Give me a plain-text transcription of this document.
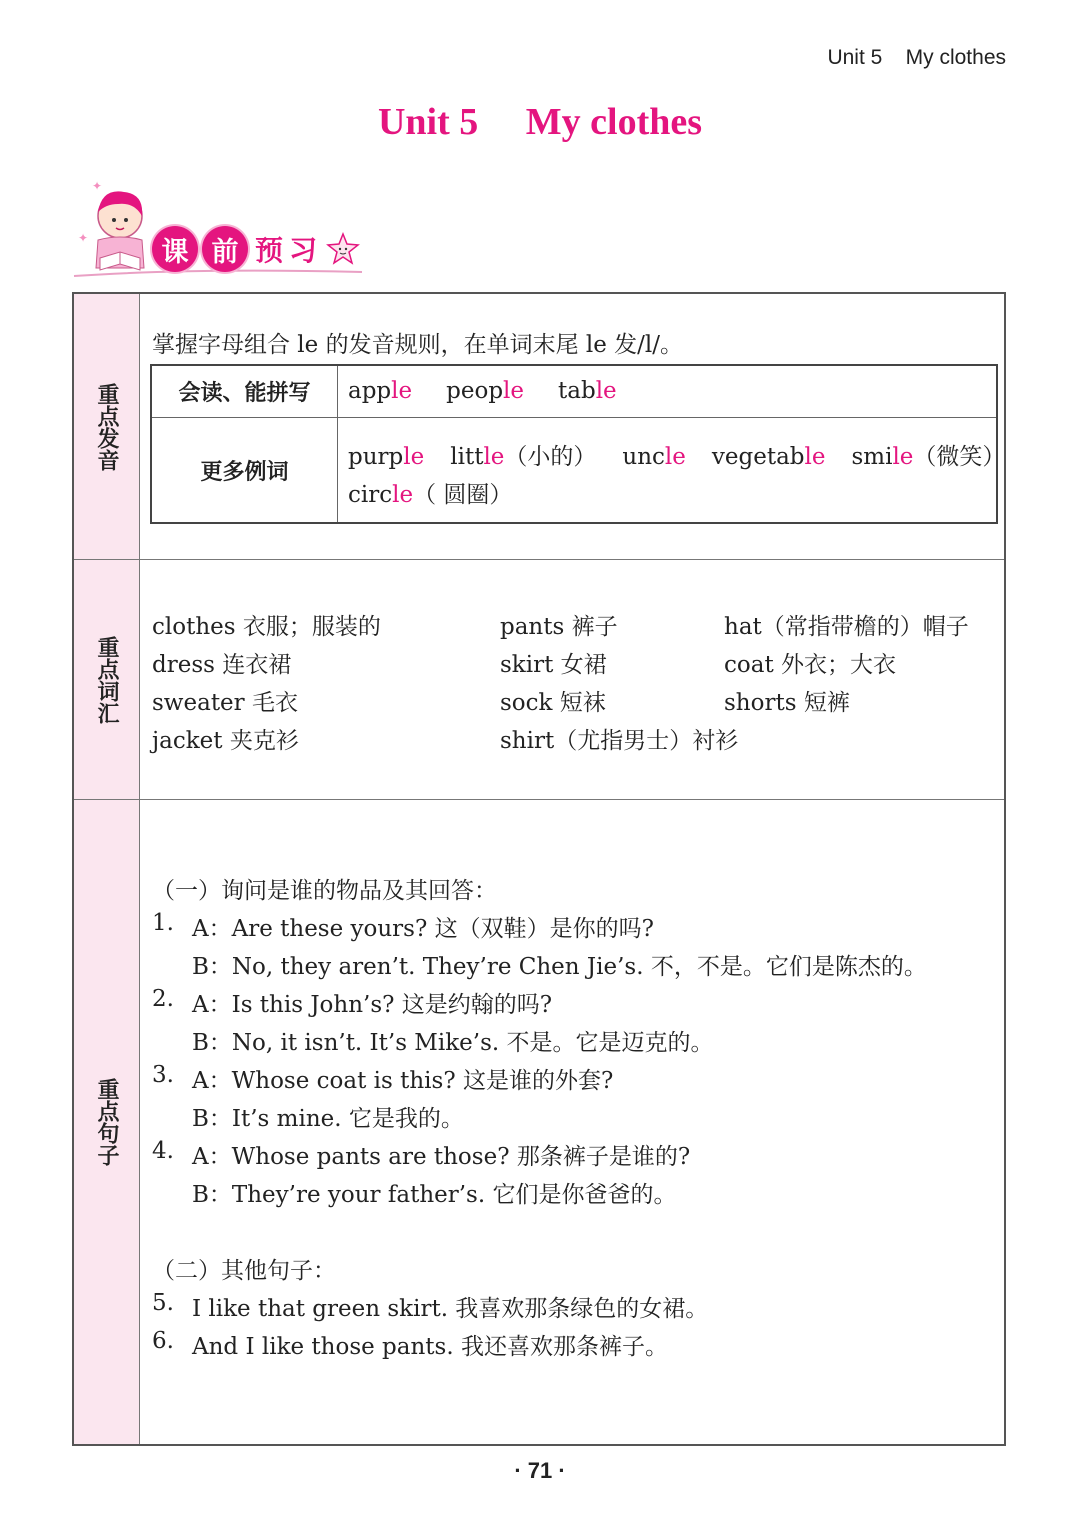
Unit 5    My clothes
Unit 5     My clothes
✦
✦	课 前 预 习
重点发音
掌握字母组合 le 的发音规则，在单词末尾 le 发/l/。
会读、能拼写	apple people table
更多例词
purple little（小的） uncle vegetable smile（微笑）
circle（ 圆圈）
重点词汇
clothes 衣服；服装的
dress 连衣裙
sweater 毛衣
jacket 夹克衫
pants 裤子
skirt 女裙
sock 短袜
shirt（尤指男士）衬衫
hat（常指带檐的）帽子
coat 外衣；大衣
shorts 短裤
重点句子
（一）询问是谁的物品及其回答：
1. A：Are these yours? 这（双鞋）是你的吗?
B：No, they aren’t. They’re Chen Jie’s. 不，不是。它们是陈杰的。
2. A：Is this John’s? 这是约翰的吗?
B：No, it isn’t. It’s Mike’s. 不是。它是迈克的。
3. A：Whose coat is this? 这是谁的外套?
B：It’s mine. 它是我的。
4. A：Whose pants are those? 那条裤子是谁的?
B：They’re your father’s. 它们是你爸爸的。
（二）其他句子：
5. I like that green skirt. 我喜欢那条绿色的女裙。
6. And I like those pants. 我还喜欢那条裤子。
· 71 ·
